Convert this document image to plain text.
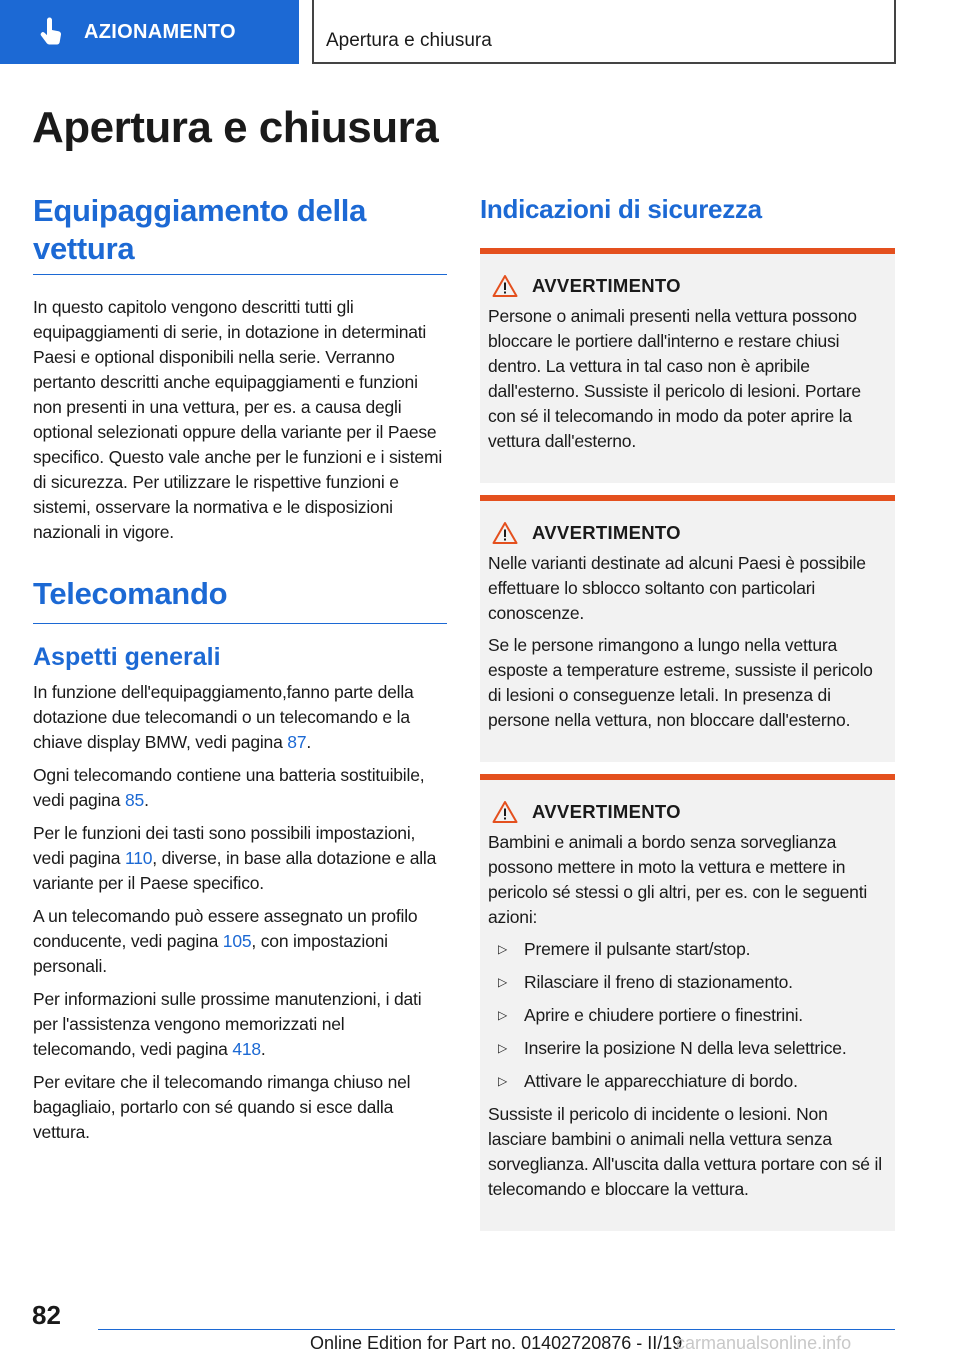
AZIONAMENTO	Apertura e chiusura
Apertura e chiusura
Equipaggiamento della vettura

In questo capitolo vengono descritti tutti gli equipaggiamenti di serie, in dotazione in determinati Paesi e optional disponibili nella serie. Verranno pertanto descritti anche equipaggiamenti e funzioni non presenti in una vettura, per es. a causa degli optional selezionati oppure della variante per il Paese specifico. Questo vale anche per le funzioni e i sistemi di sicurezza. Per utilizzare le rispettive funzioni e sistemi, osservare la normativa e le disposizioni nazionali in vigore.

Telecomando
Aspetti generali

In funzione dell'equipaggiamento,fanno parte della dotazione due telecomandi o un telecomando e la chiave display BMW, vedi pagina 87.

Ogni telecomando contiene una batteria sostituibile, vedi pagina 85.

Per le funzioni dei tasti sono possibili impostazioni, vedi pagina 110, diverse, in base alla dotazione e alla variante per il Paese specifico.

A un telecomando può essere assegnato un profilo conducente, vedi pagina 105, con impostazioni personali.

Per informazioni sulle prossime manutenzioni, i dati per l'assistenza vengono memorizzati nel telecomando, vedi pagina 418.

Per evitare che il telecomando rimanga chiuso nel bagagliaio, portarlo con sé quando si esce dalla vettura.

Indicazioni di sicurezza
AVVERTIMENTO

Persone o animali presenti nella vettura possono bloccare le portiere dall'interno e restare chiusi dentro. La vettura in tal caso non è apribile dall'esterno. Sussiste il pericolo di lesioni. Portare con sé il telecomando in modo da poter aprire la vettura dall'esterno.

AVVERTIMENTO

Nelle varianti destinate ad alcuni Paesi è possibile effettuare lo sblocco soltanto con particolari conoscenze.

Se le persone rimangono a lungo nella vettura esposte a temperature estreme, sussiste il pericolo di lesioni o conseguenze letali. In presenza di persone nella vettura, non bloccare dall'esterno.

AVVERTIMENTO

Bambini e animali a bordo senza sorveglianza possono mettere in moto la vettura e mettere in pericolo sé stessi o gli altri, per es. con le seguenti azioni:

▷ Premere il pulsante start/stop.
▷ Rilasciare il freno di stazionamento.
▷ Aprire e chiudere portiere o finestrini.
▷ Inserire la posizione N della leva selettrice.
▷ Attivare le apparecchiature di bordo.

Sussiste il pericolo di incidente o lesioni. Non lasciare bambini o animali nella vettura senza sorveglianza. All'uscita dalla vettura portare con sé il telecomando e bloccare la vettura.

82
Online Edition for Part no. 01402720876 - II/19
carmanualsonline.info
